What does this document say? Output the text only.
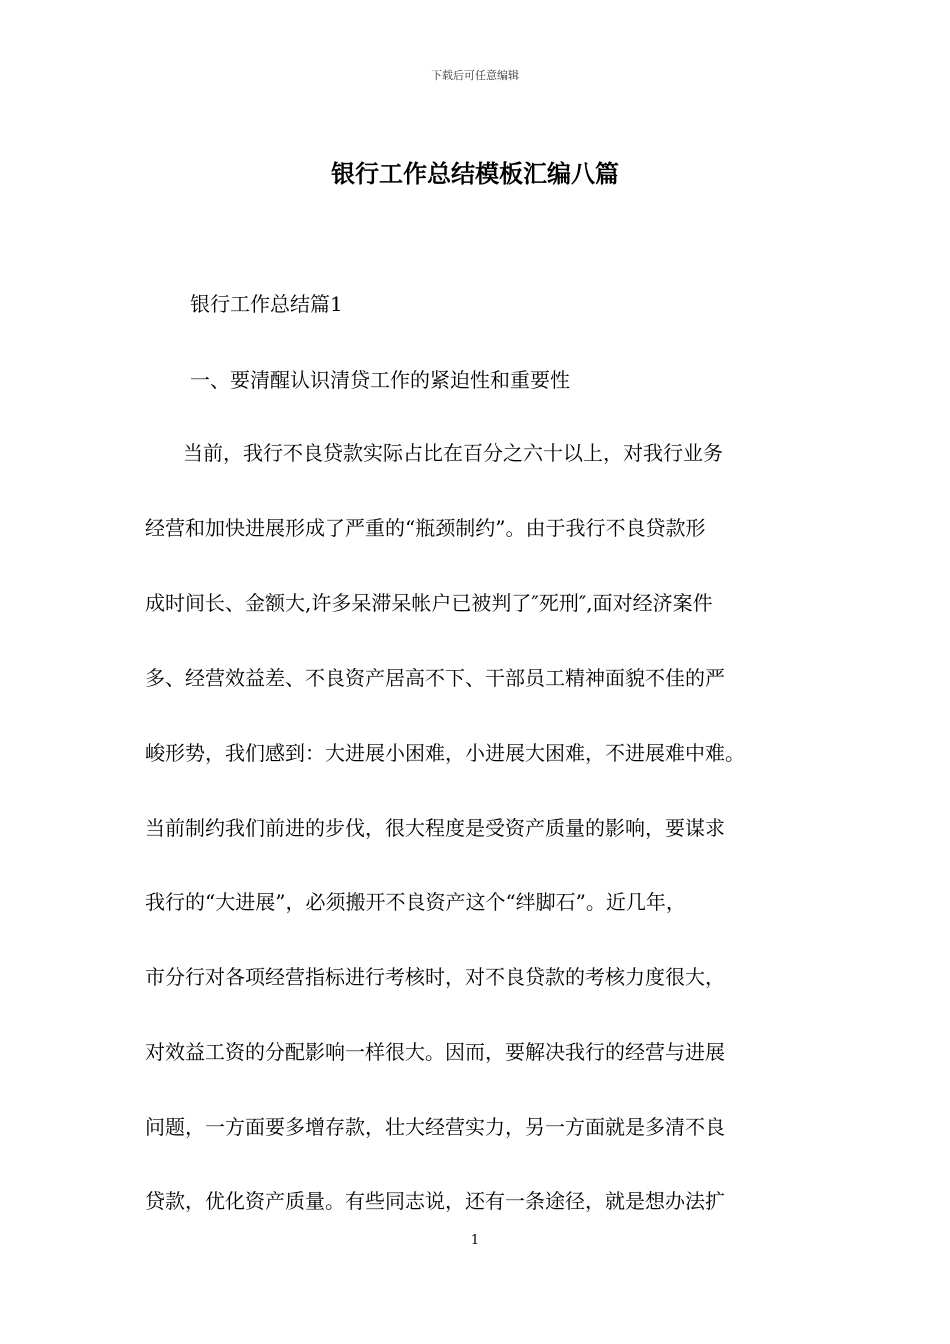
下载后可任意编辑
银行工作总结模板汇编八篇

银行工作总结篇1

一、要清醒认识清贷工作的紧迫性和重要性

当前，我行不良贷款实际占比在百分之六十以上，对我行业务

经营和加快进展形成了严重的“瓶颈制约”。由于我行不良贷款形

成时间长、金额大,许多呆滞呆帐户已被判了″死刑″,面对经济案件

多、经营效益差、不良资产居高不下、干部员工精神面貌不佳的严

峻形势，我们感到：大进展小困难，小进展大困难，不进展难中难。

当前制约我们前进的步伐，很大程度是受资产质量的影响，要谋求

我行的“大进展”，必须搬开不良资产这个“绊脚石”。近几年，

市分行对各项经营指标进行考核时，对不良贷款的考核力度很大，

对效益工资的分配影响一样很大。因而，要解决我行的经营与进展

问题，一方面要多增存款，壮大经营实力，另一方面就是多清不良

贷款，优化资产质量。有些同志说，还有一条途径，就是想办法扩

1
